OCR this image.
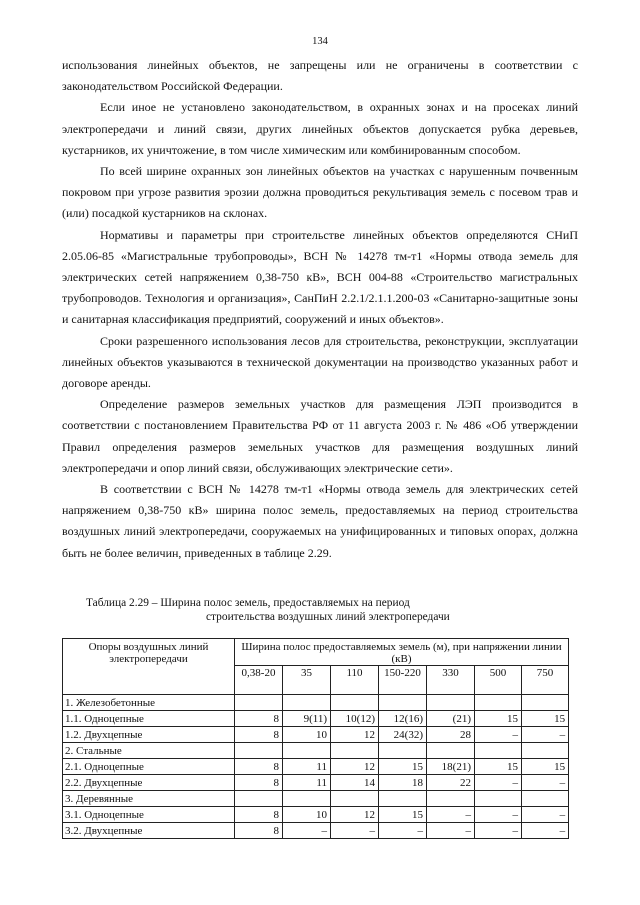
134

использования линейных объектов, не запрещены или не ограничены в соответствии с законодательством Российской Федерации.

Если иное не установлено законодательством, в охранных зонах и на просеках линий электропередачи и линий связи, других линейных объектов допускается рубка деревьев, кустарников, их уничтожение, в том числе химическим или комбинированным способом.

По всей ширине охранных зон линейных объектов на участках с нарушенным почвенным покровом при угрозе развития эрозии должна проводиться рекультивация земель с посевом трав и (или) посадкой кустарников на склонах.

Нормативы и параметры при строительстве линейных объектов определяются СНиП 2.05.06-85 «Магистральные трубопроводы», ВСН № 14278 тм-т1 «Нормы отвода земель для электрических сетей напряжением 0,38-750 кВ», ВСН 004-88 «Строительство магистральных трубопроводов. Технология и организация», СанПиН 2.2.1/2.1.1.200-03 «Санитарно-защитные зоны и санитарная классификация предприятий, сооружений и иных объектов».

Сроки разрешенного использования лесов для строительства, реконструкции, эксплуатации линейных объектов указываются в технической документации на производство указанных работ и договоре аренды.

Определение размеров земельных участков для размещения ЛЭП производится в соответствии с постановлением Правительства РФ от 11 августа 2003 г. № 486 «Об утверждении Правил определения размеров земельных участков для размещения воздушных линий электропередачи и опор линий связи, обслуживающих электрические сети».

В соответствии с ВСН № 14278 тм-т1 «Нормы отвода земель для электрических сетей напряжением 0,38-750 кВ» ширина полос земель, предоставляемых на период строительства воздушных линий электропередачи, сооружаемых на унифицированных и типовых опорах, должна быть не более величин, приведенных в таблице 2.29.

Таблица 2.29 – Ширина полос земель, предоставляемых на период
строительства воздушных линий электропередачи
Опоры воздушных линий электропередачи	Ширина полос предоставляемых земель (м), при напряжении линии (кВ)						
	0,38-20	35	110	150-220	330	500	750
1. Железобетонные							
1.1. Одноцепные	8	9(11)	10(12)	12(16)	(21)	15	15
1.2. Двухцепные	8	10	12	24(32)	28	–	–
2. Стальные							
2.1. Одноцепные	8	11	12	15	18(21)	15	15
2.2. Двухцепные	8	11	14	18	22	–	–
3. Деревянные							
3.1. Одноцепные	8	10	12	15	–	–	–
3.2. Двухцепные	8	–	–	–	–	–	–
